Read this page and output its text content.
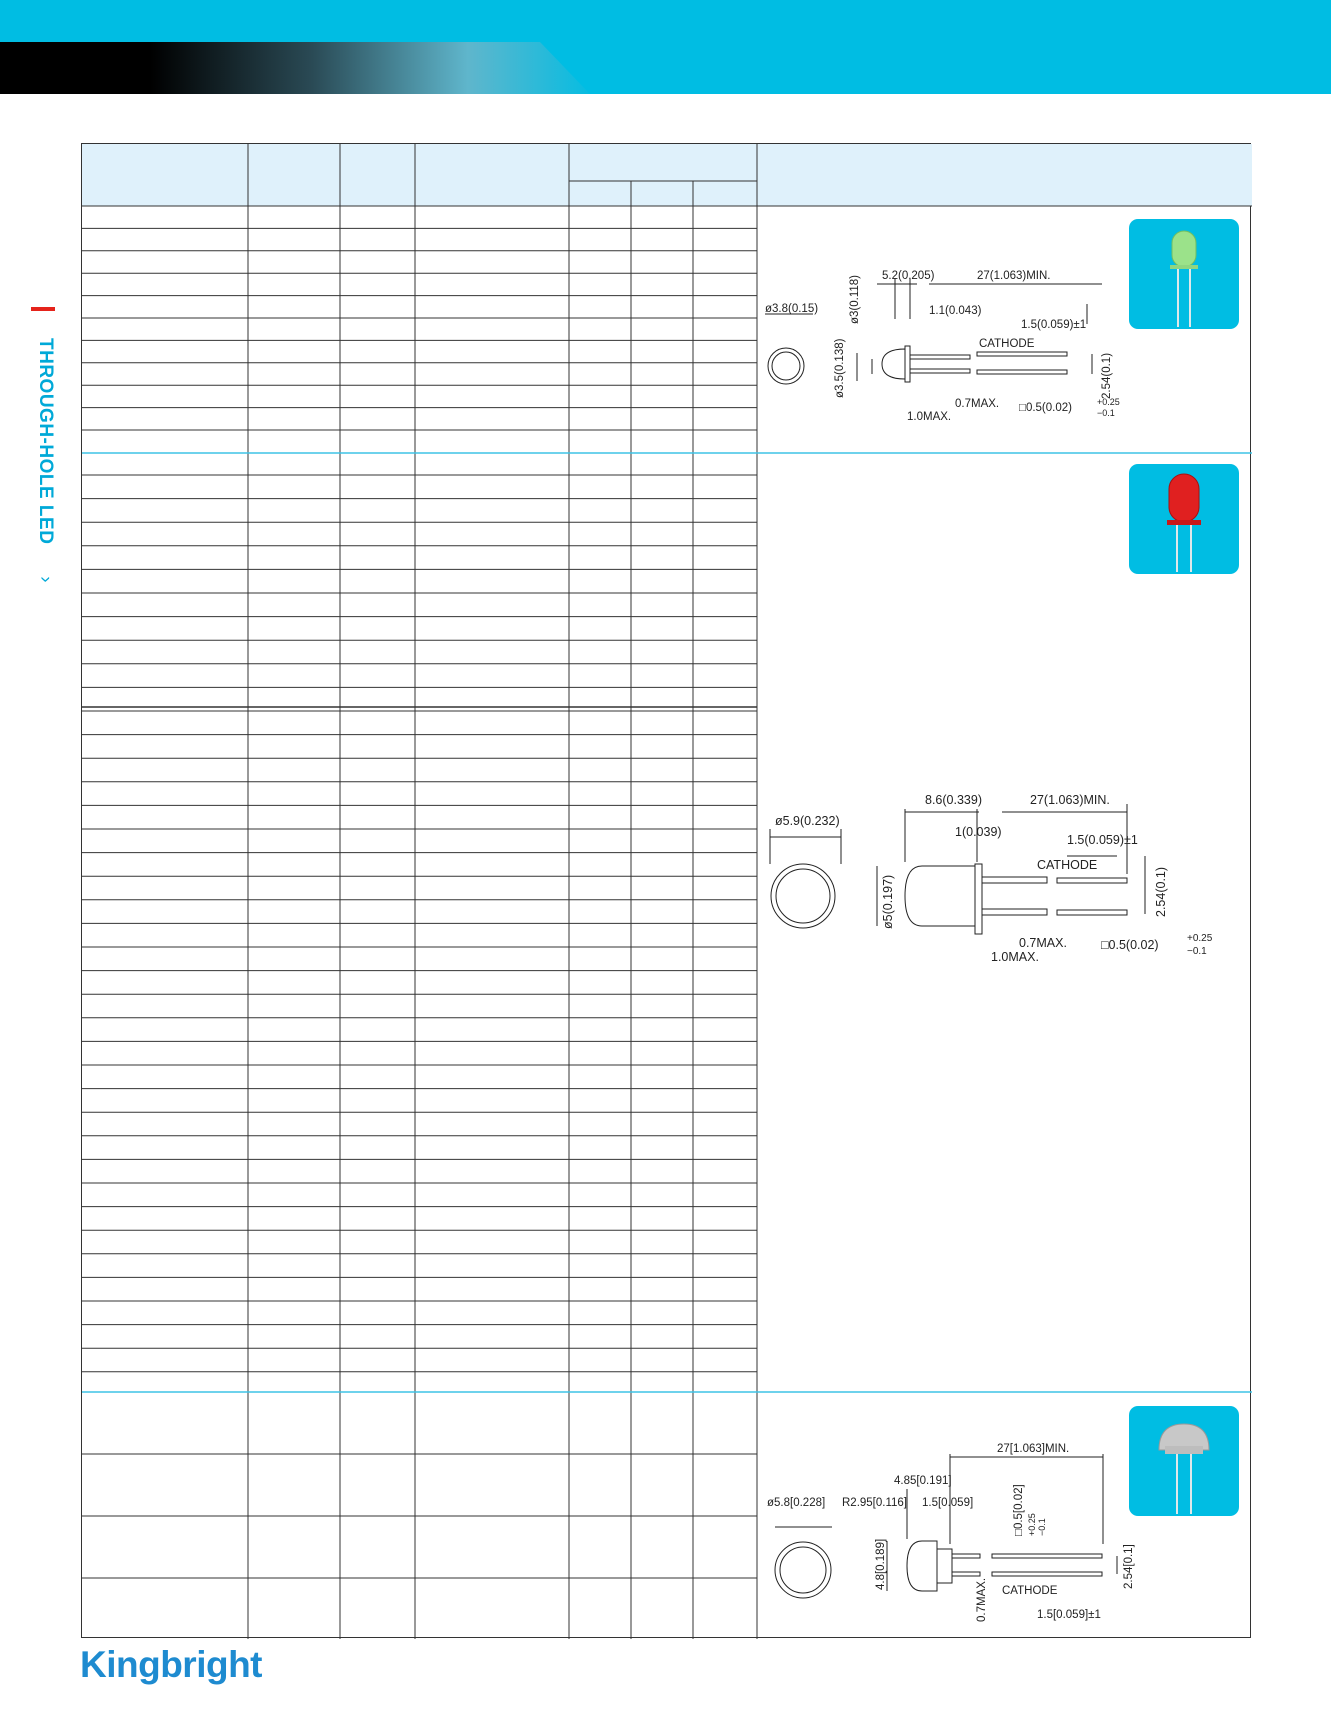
THROUGH-HOLE LED ›
ø3.8(0.15)
5.2(0.205)	27(1.063)MIN.
1.1(0.043)
1.5(0.059)±1
CATHODE
0.7MAX.
1.0MAX.
□0.5(0.02)	+0.25
−0.1
ø3(0.118)
ø3.5(0.138)	2.54(0.1)
ø5.9(0.232)
8.6(0.339)	27(1.063)MIN.
1(0.039)
1.5(0.059)±1
CATHODE
0.7MAX.
1.0MAX.
□0.5(0.02)	+0.25
−0.1
ø5(0.197)	2.54(0.1)
27[1.063]MIN.
4.85[0.191]
ø5.8[0.228] R2.95[0.116] 1.5[0.059]
CATHODE
1.5[0.059]±1
□0.5[0.02] +0.25 −0.1
4.8[0.189]
0.7MAX.
2.54[0.1]
Kingbright
